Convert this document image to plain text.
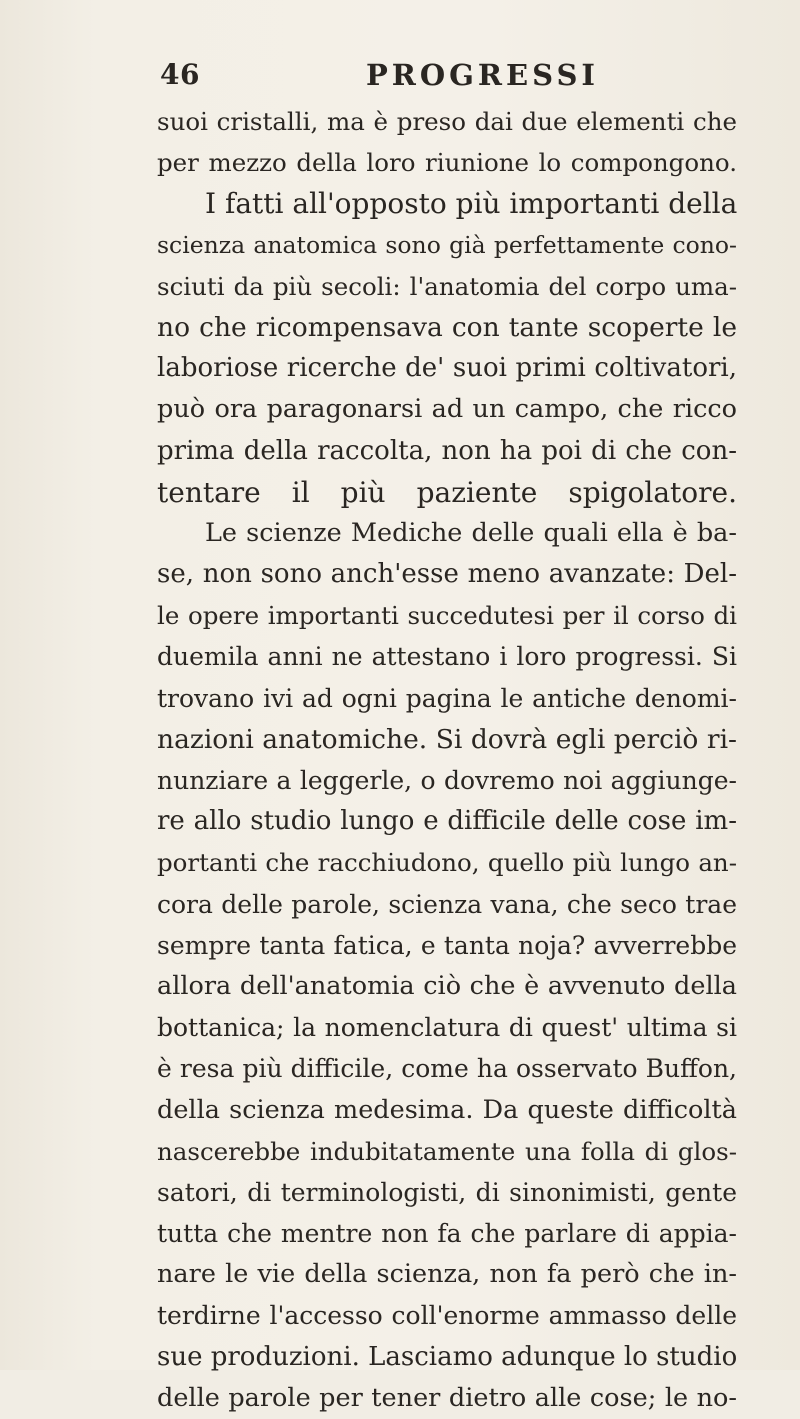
46	PROGRESSI
suoi cristalli, ma è preso dai due elementi che
per mezzo della loro riunione lo compongono.
I fatti all'opposto più importanti della
scienza anatomica sono già perfettamente cono-
sciuti da più secoli: l'anatomia del corpo uma-
no che ricompensava con tante scoperte le
laboriose ricerche de' suoi primi coltivatori,
può ora paragonarsi ad un campo, che ricco
prima della raccolta, non ha poi di che con-
tentare il più paziente spigolatore.
Le scienze Mediche delle quali ella è ba-
se, non sono anch'esse meno avanzate: Del-
le opere importanti succedutesi per il corso di
duemila anni ne attestano i loro progressi. Si
trovano ivi ad ogni pagina le antiche denomi-
nazioni anatomiche. Si dovrà egli perciò ri-
nunziare a leggerle, o dovremo noi aggiunge-
re allo studio lungo e difficile delle cose im-
portanti che racchiudono, quello più lungo an-
cora delle parole, scienza vana, che seco trae
sempre tanta fatica, e tanta noja? avverrebbe
allora dell'anatomia ciò che è avvenuto della
bottanica; la nomenclatura di quest' ultima si
è resa più difficile, come ha osservato Buffon,
della scienza medesima. Da queste difficoltà
nascerebbe indubitatamente una folla di glos-
satori, di terminologisti, di sinonimisti, gente
tutta che mentre non fa che parlare di appia-
nare le vie della scienza, non fa però che in-
terdirne l'accesso coll'enorme ammasso delle
sue produzioni. Lasciamo adunque lo studio
delle parole per tener dietro alle cose; le no-
